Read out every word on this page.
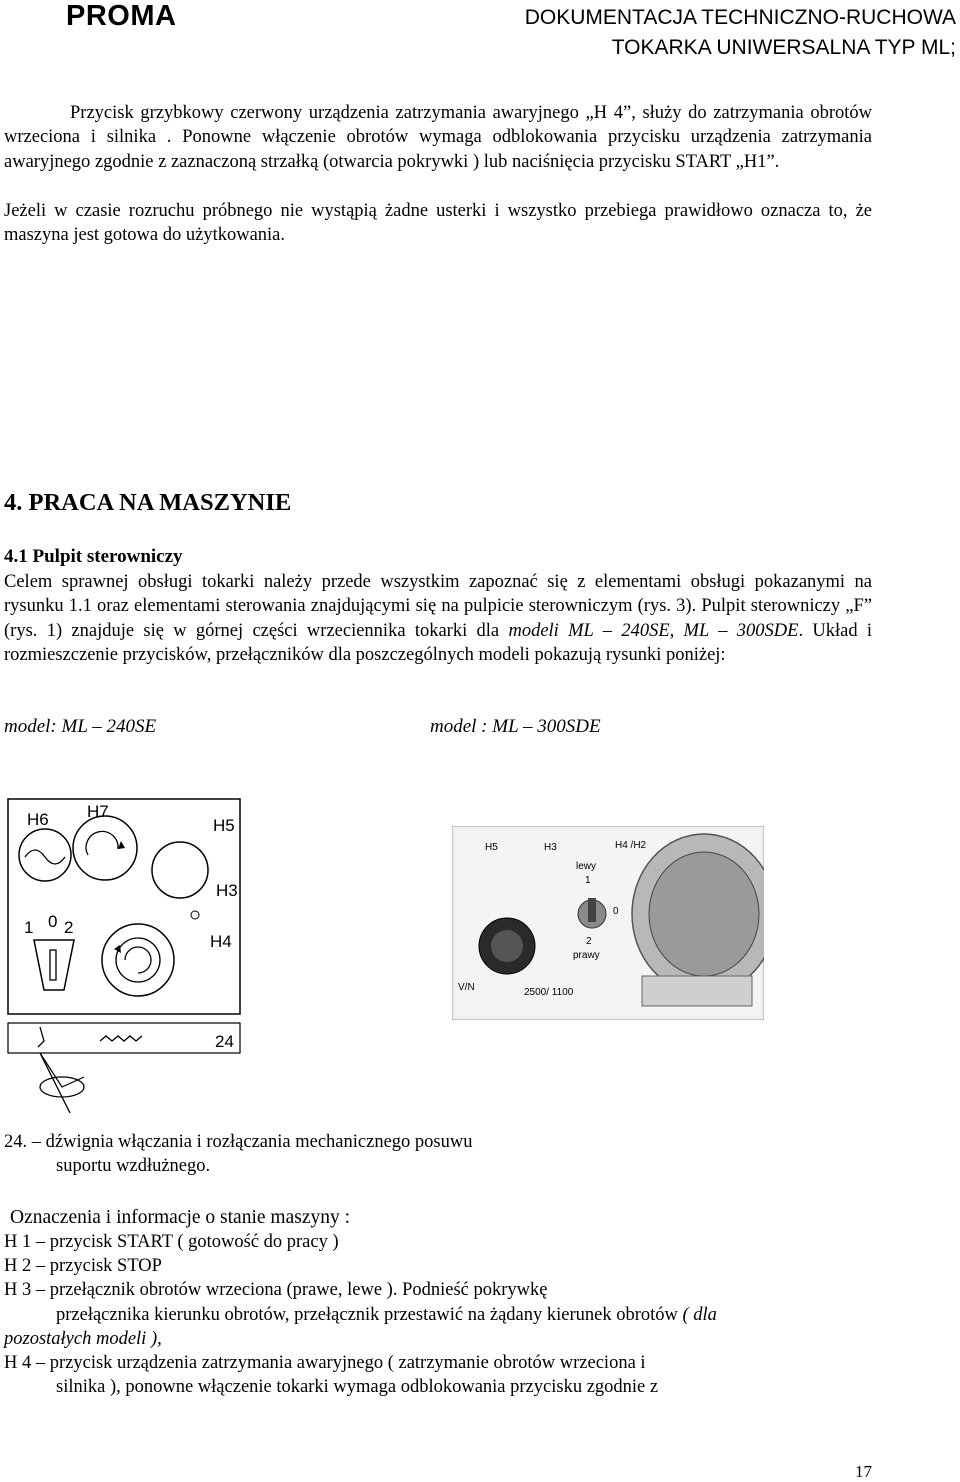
PROMA	DOKUMENTACJA TECHNICZNO-RUCHOWA
TOKARKA UNIWERSALNA TYP ML;
Przycisk grzybkowy czerwony urządzenia zatrzymania awaryjnego „H 4”, służy do zatrzymania obrotów wrzeciona i silnika . Ponowne włączenie obrotów wymaga odblokowania przycisku urządzenia zatrzymania awaryjnego zgodnie z zaznaczoną strzałką (otwarcia pokrywki ) lub naciśnięcia przycisku START „H1”.
Jeżeli w czasie rozruchu próbnego nie wystąpią żadne usterki i wszystko przebiega prawidłowo oznacza to, że maszyna jest gotowa do użytkowania.
4. PRACA NA MASZYNIE
4.1 Pulpit sterowniczy
Celem sprawnej obsługi tokarki należy przede wszystkim zapoznać się z elementami obsługi pokazanymi na rysunku 1.1 oraz elementami sterowania znajdującymi się na pulpicie sterowniczym (rys. 3). Pulpit sterowniczy „F” (rys. 1) znajduje się w górnej części wrzeciennika tokarki dla modeli ML – 240SE, ML – 300SDE. Układ i rozmieszczenie przycisków, przełączników dla poszczególnych modeli pokazują rysunki poniżej:
model: ML – 240SE	model : ML – 300SDE
H6 H7
H5
H3
H4
1 0 2
24
H5	H3	H4 /H2
lewy
1
0
2
prawy
V/N	2500/ 1100
24. – dźwignia włączania i rozłączania mechanicznego posuwu
suportu wzdłużnego.
Oznaczenia i informacje o stanie maszyny :
H 1 – przycisk START ( gotowość do pracy )
H 2 – przycisk STOP
H 3 – przełącznik obrotów wrzeciona (prawe, lewe ). Podnieść pokrywkę
przełącznika kierunku obrotów, przełącznik przestawić na żądany kierunek obrotów ( dla
pozostałych modeli ),
H 4 – przycisk urządzenia zatrzymania awaryjnego ( zatrzymanie obrotów wrzeciona i
silnika ), ponowne włączenie tokarki wymaga odblokowania przycisku zgodnie z
17
